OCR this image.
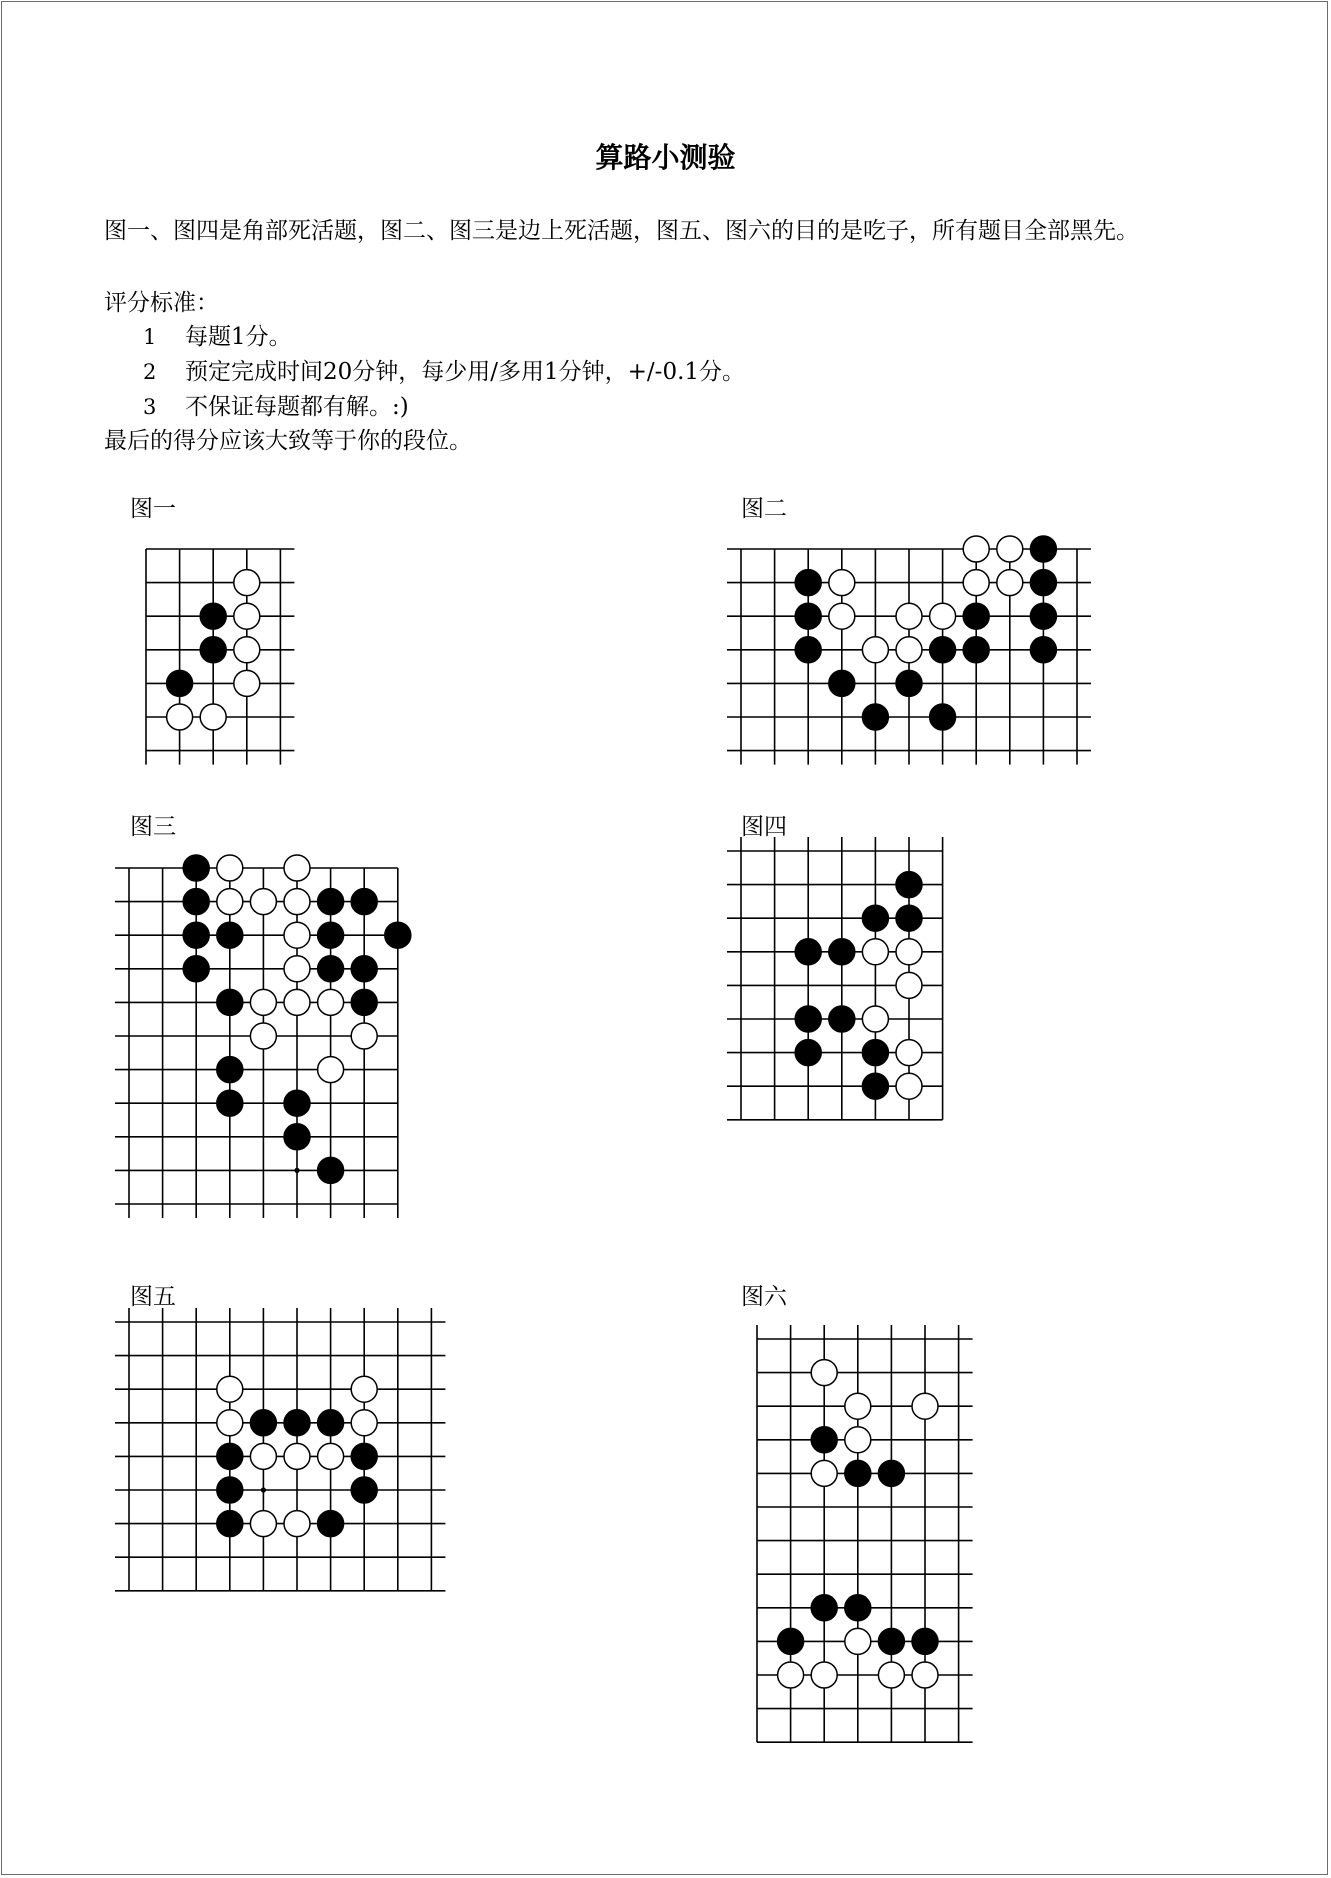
算路小测验
图一、图四是角部死活题，图二、图三是边上死活题，图五、图六的目的是吃子，所有题目全部黑先。
评分标准：
1 每题1分。
2 预定完成时间20分钟，每少用/多用1分钟，+/-0.1分。
3 不保证每题都有解。:)
最后的得分应该大致等于你的段位。
图一	图二
图三	图四
图五	图六
